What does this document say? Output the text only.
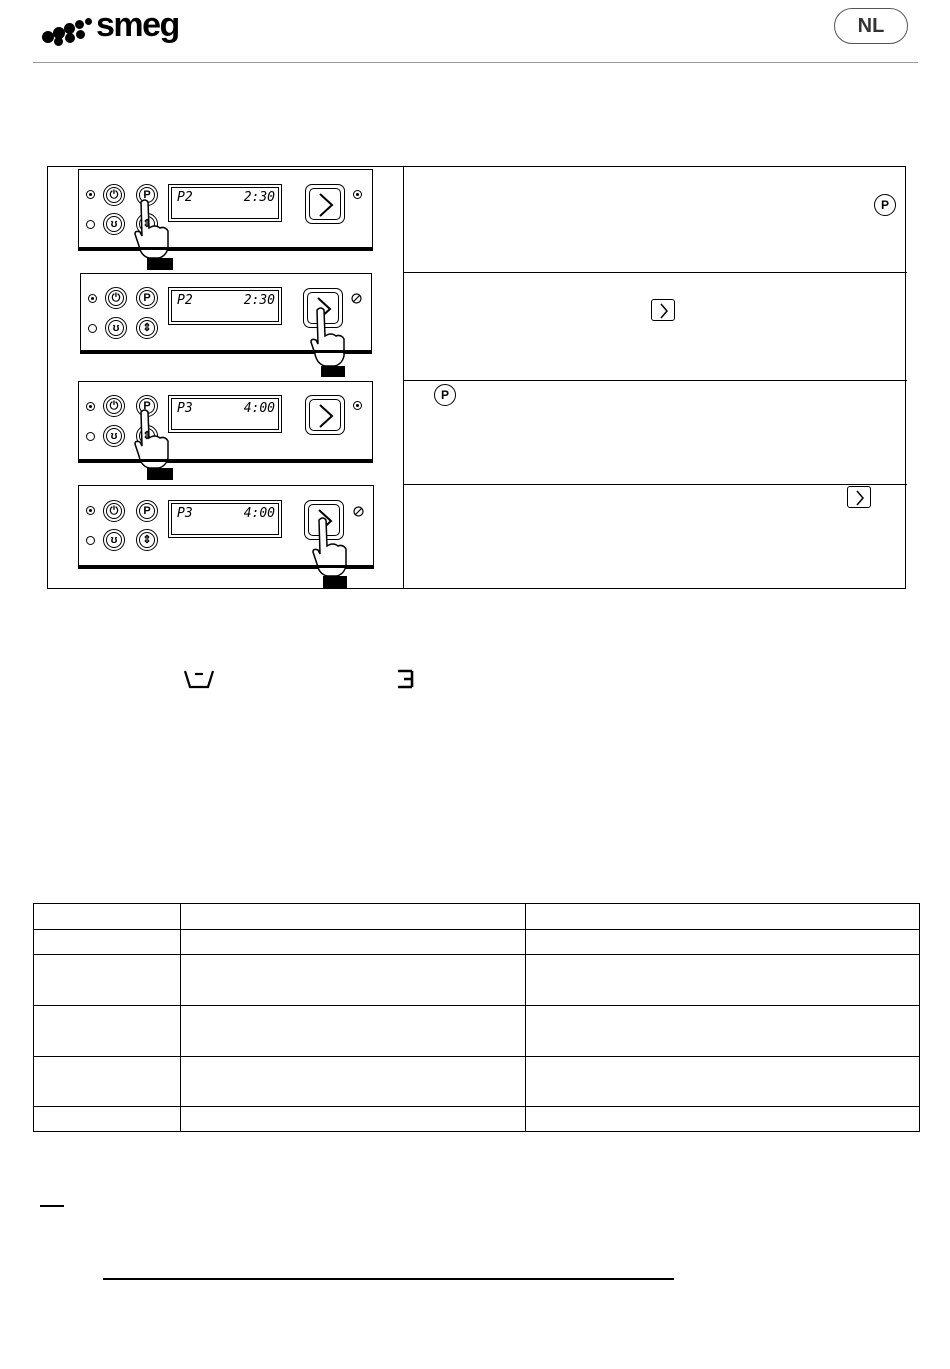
smeg	NL
⏻ P
ʊ ⇕
P2	2:30	P
⏻ P
ʊ ⇕
P2	2:30
⏻ P
ʊ ⇕
P3	4:00
P
⏻ P
ʊ ⇕
P3	4:00
